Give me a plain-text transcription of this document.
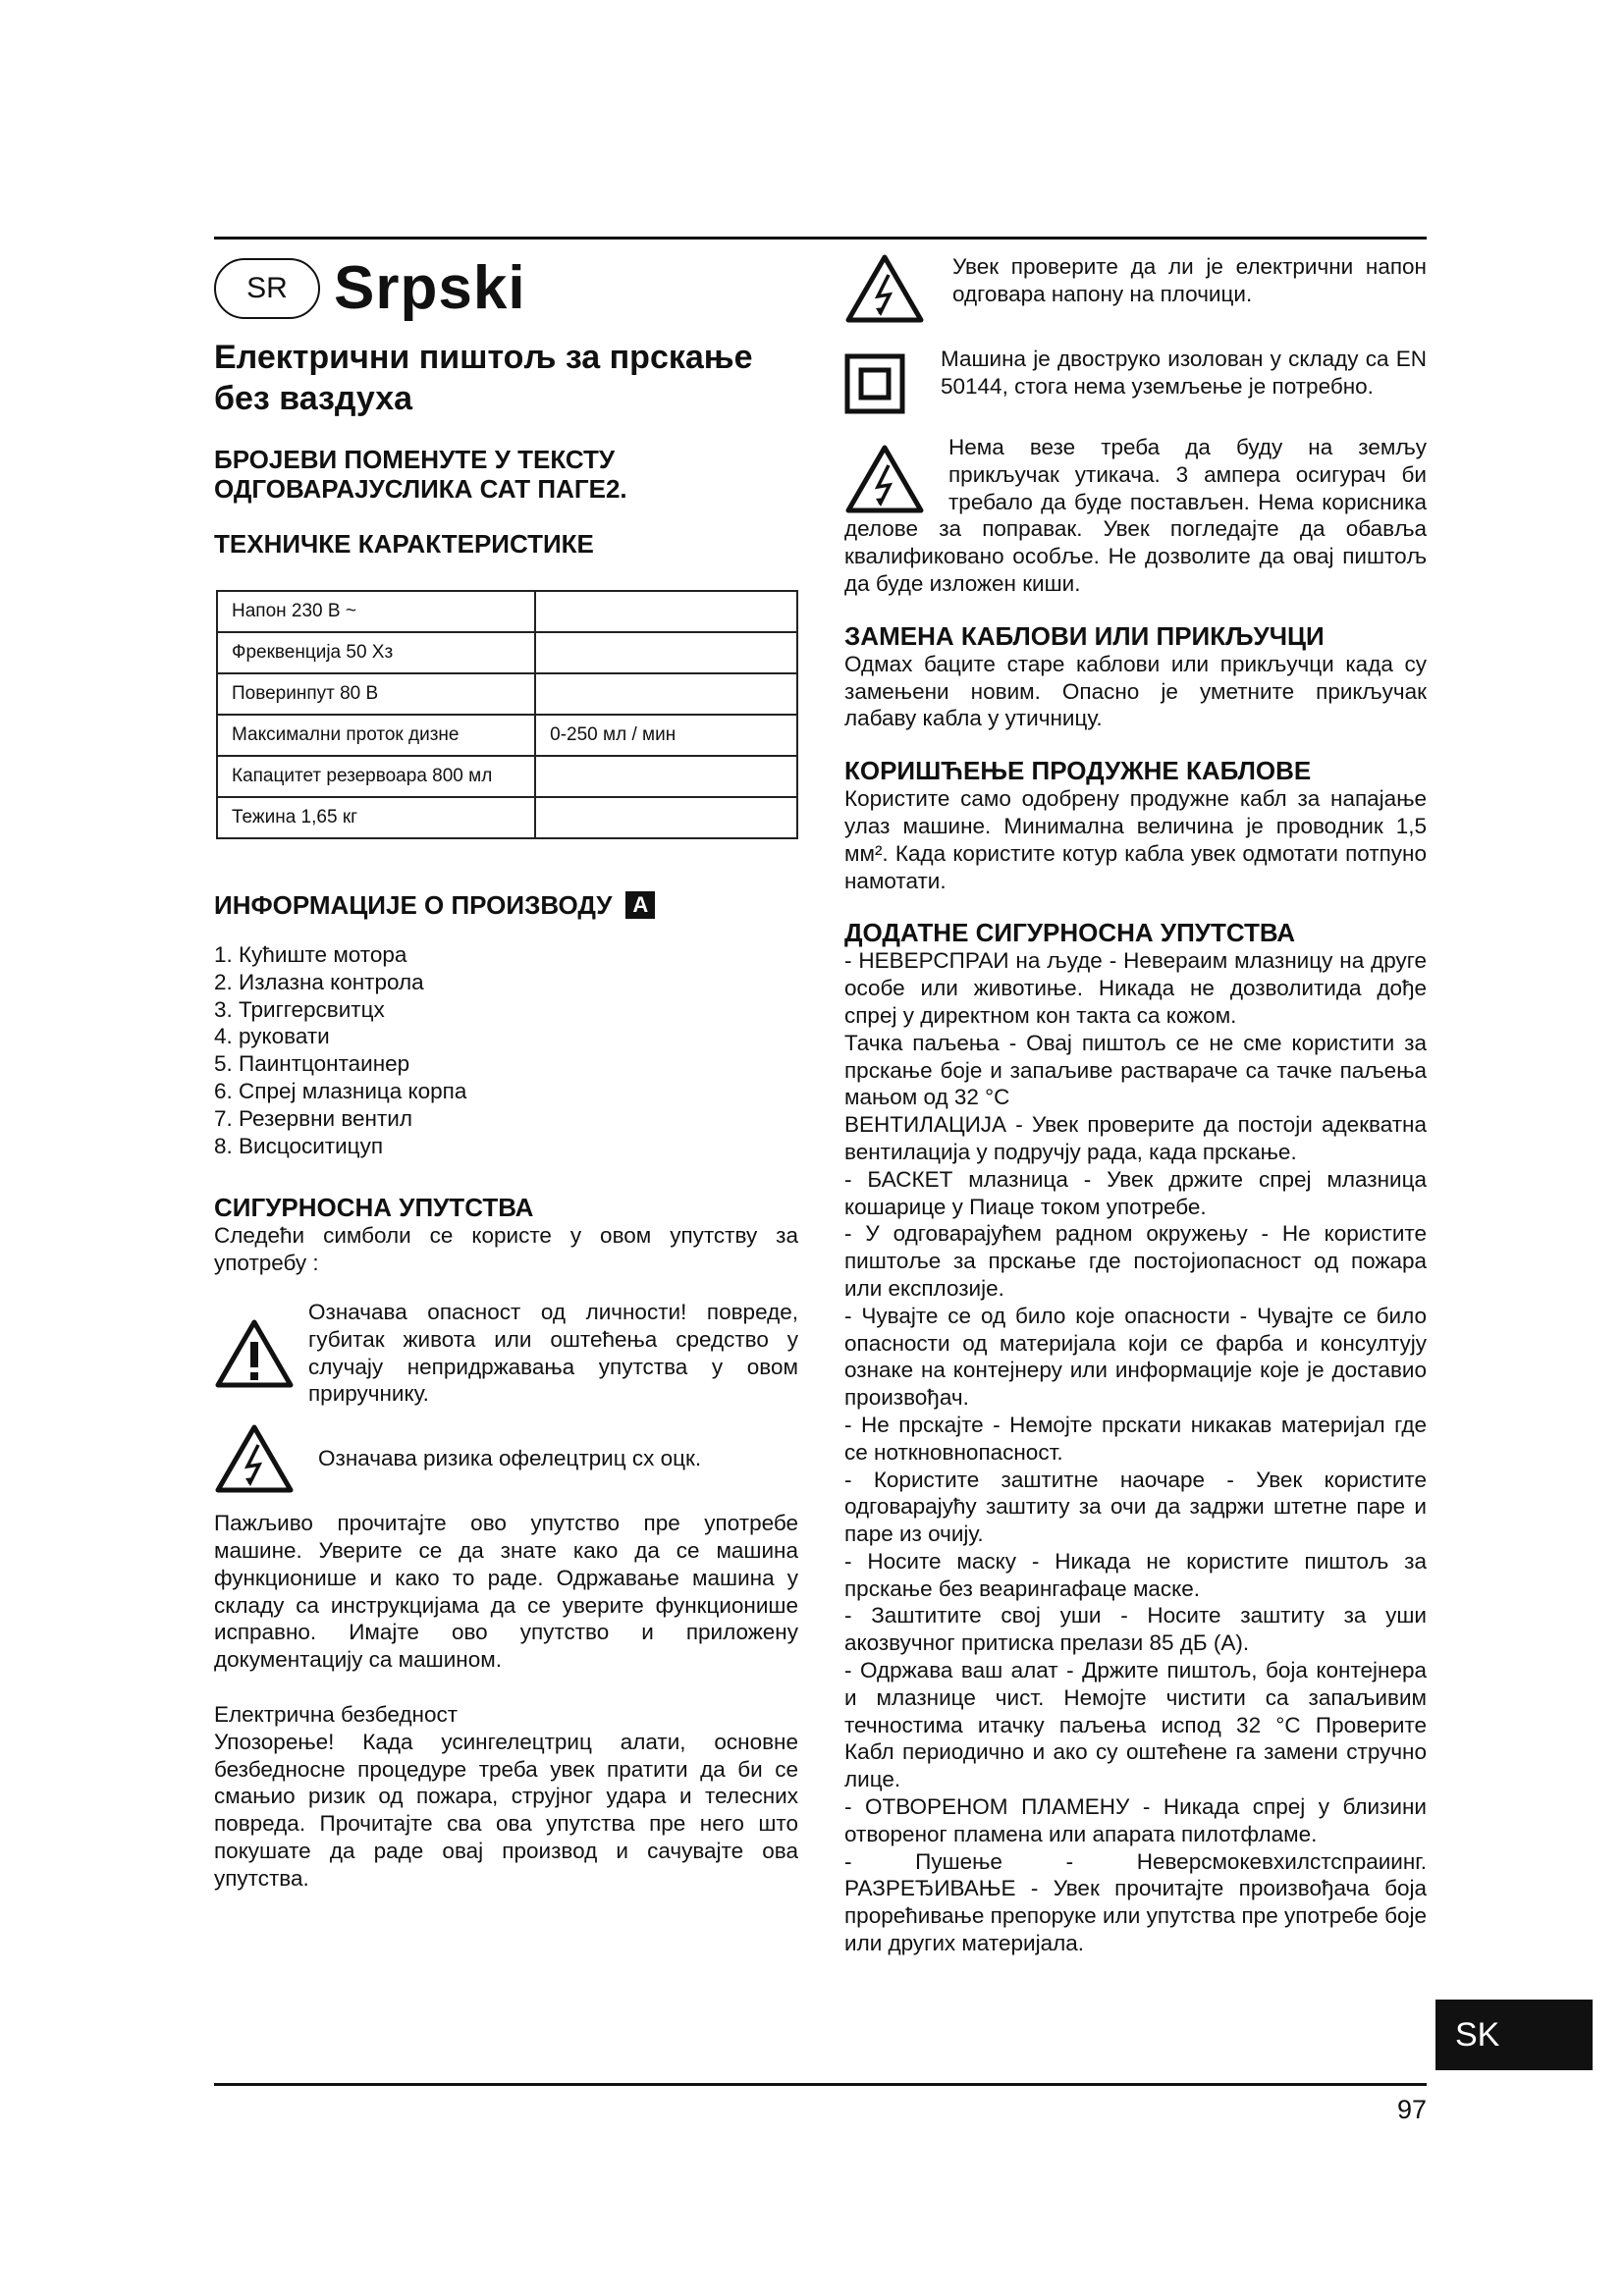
SR Srpski
Електрични пиштољ за прскање без ваздуха
БРОЈЕВИ ПОМЕНУТЕ У ТЕКСТУ ОДГОВАРАЈУСЛИКА САТ ПАГЕ2.
ТЕХНИЧКЕ КАРАКТЕРИСТИКЕ
Напон 230 В ~	
Фреквенција 50 Хз	
Повеpинпут 80 В	
Максимални проток дизне	0-250 мл / мин
Капацитет резервоара 800 мл	
Тежина 1,65 кг	
ИНФОРМАЦИЈЕ О ПРОИЗВОДУ A
1. Кућиште мотора
2. Излазна контрола
3. Триггерсвитцх
4. руковати
5. Паинтцонтаинер
6. Спреј млазница корпа
7. Резервни вентил
8. Висцоситицуп
СИГУРНОСНА УПУТСТВА

Следећи симболи се користе у овом упутству за употребу :

Означава опасност од личности! повреде, губитак живота или оштећења средство у случају непридржавања упутства у овом приручнику.

Означава ризика офелецтриц сх оцк.

Пажљиво прочитајте ово упутство пре употребе машине. Уверите се да знате како да се машина функционише и како то раде. Одржавање машина у складу са инструкцијама да се уверите функционише исправно. Имајте ово упутство и приложену документацију са машином.

Електрична безбедност

Упозорење! Када усингелецтриц алати, основне безбедносне процедуре треба увек пратити да би се смањио ризик од пожара, струјног удара и телесних повреда. Прочитајте сва ова упутства пре него што покушате да раде овај производ и сачувајте ова упутства.

Увек проверите да ли је електрични напон одговара напону на плочици.

Машина је двоструко изолован у складу са EN 50144, стога нема уземљење је потребно.

Нема везе треба да буду на земљу прикључак утикача. 3 ампера осигурач би требало да буде постављен. Нема корисника делове за поправак. Увек погледајте да обавља квалификовано особље. Не дозволите да овај пиштољ да буде изложен киши.

ЗАМЕНА КАБЛОВИ ИЛИ ПРИКЉУЧЦИ

Одмах баците старе каблови или прикључци када су замењени новим. Опасно је уметните прикључак лабаву кабла у утичницу.

КОРИШЋЕЊЕ ПРОДУЖНЕ КАБЛОВЕ

Користите само одобрену продужне кабл за напајање улаз машине. Минимална величина је проводник 1,5 мм². Када користите котур кабла увек одмотати потпуно намотати.

ДОДАТНЕ СИГУРНОСНА УПУТСТВА

- НЕВЕРСПРАИ на људе - Невераим млазницу на друге особе или животиње. Никада не дозволитида дође спреј у директном кон такта са кожом.

Тачка паљења - Овај пиштољ се не сме користити за прскање боје и запаљиве раствараче са тачке паљења мањом од 32 °C

ВЕНТИЛАЦИЈА - Увек проверите да постоји адекватна вентилација у подручју рада, када прскање.

- БАСКЕТ млазница - Увек држите спреј млазница кошарице у Пиаце током употребе.

- У одговарајућем радном окружењу - Не користите пиштоље за прскање где постојиопасност од пожара или експлозије.

- Чувајте се од било које опасности - Чувајте се било опасности од материјала који се фарба и консултују ознаке на контејнеру или информације које је доставио произвођач.

- Не прскајте - Немојте прскати никакав материјал где се ноткновнопасност.

- Користите заштитне наочаре - Увек користите одговарајућу заштиту за очи да задржи штетне паре и паре из очију.

- Носите маску - Никада не користите пиштољ за прскање без веарингафаце маске.

- Заштитите свој уши - Носите заштиту за уши акозвучног притиска прелази 85 дБ (А).

- Одржава ваш алат - Држите пиштољ, боја контејнера и млазнице чист. Немојте чистити са запаљивим течностима итачку паљења испод 32 °C Проверите Кабл периодично и ако су оштећене га замени стручно лице.

- ОТВОРЕНОМ ПЛАМЕНУ - Никада спреј у близини отвореног пламена или апарата пилотфламе.

- Пушење - Неверсмокевхилстспраиинг. РАЗРЕЂИВАЊЕ - Увек прочитајте произвођача боја прорећивање препоруке или упутства пре употребе боје или других материјала.

SK
97
